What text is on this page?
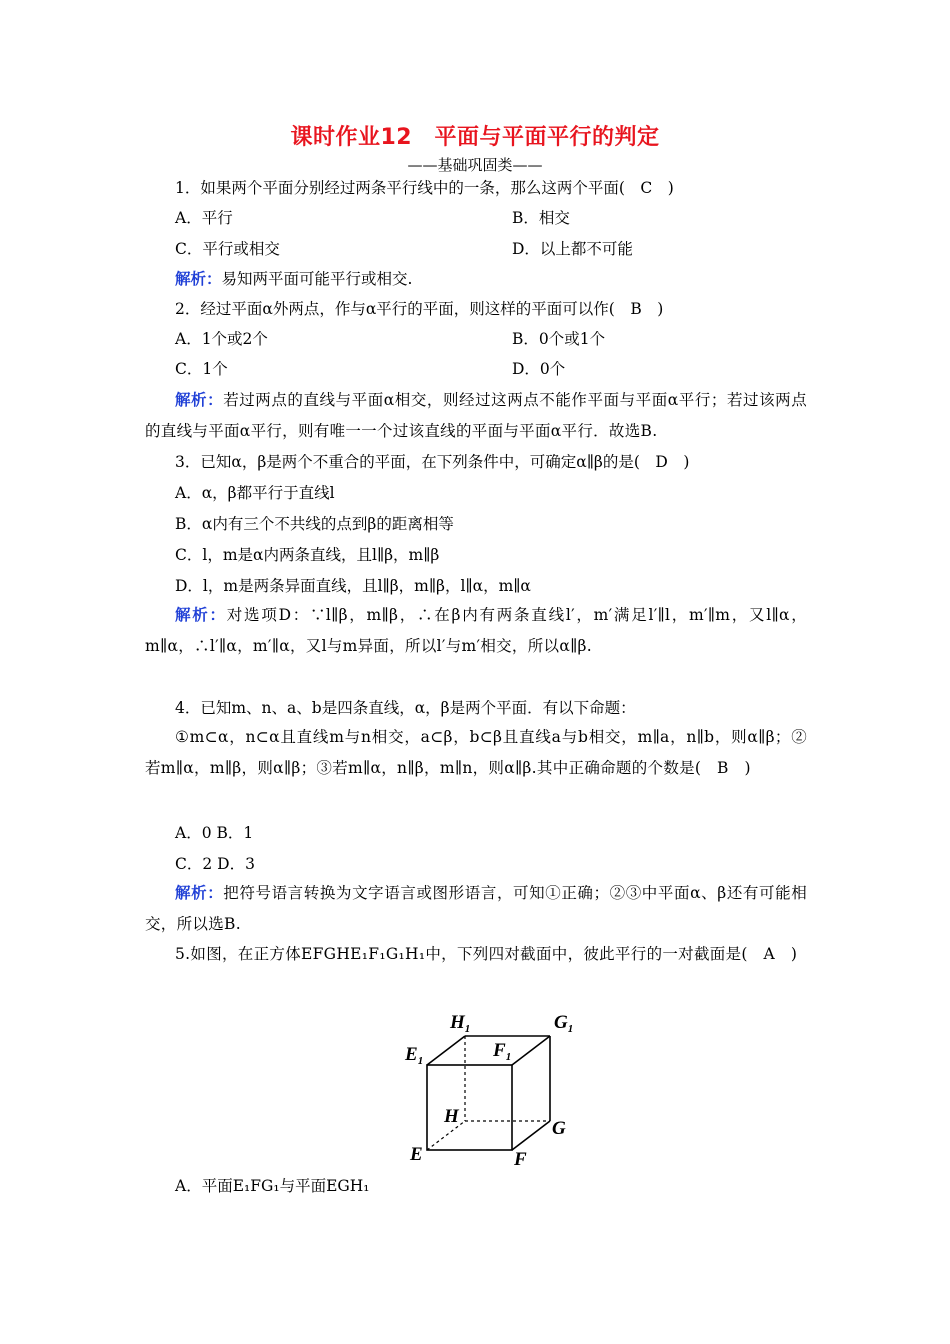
课时作业12　平面与平面平行的判定
——基础巩固类——
1．如果两个平面分别经过两条平行线中的一条，那么这两个平面(　C　)
A．平行	B．相交
C．平行或相交	D．以上都不可能
解析：易知两平面可能平行或相交.
2．经过平面α外两点，作与α平行的平面，则这样的平面可以作(　B　)
A．1个或2个	B．0个或1个
C．1个	D．0个
解析：若过两点的直线与平面α相交，则经过这两点不能作平面与平面α平行；若过该两点的直线与平面α平行，则有唯一一个过该直线的平面与平面α平行．故选B.
3．已知α，β是两个不重合的平面，在下列条件中，可确定α∥β的是(　D　)
A．α，β都平行于直线l
B．α内有三个不共线的点到β的距离相等
C．l，m是α内两条直线，且l∥β，m∥β
D．l，m是两条异面直线，且l∥β，m∥β，l∥α，m∥α
解析：对选项D：∵l∥β，m∥β，∴在β内有两条直线l′，m′满足l′∥l，m′∥m，又l∥α，m∥α，∴l′∥α，m′∥α，又l与m异面，所以l′与m′相交，所以α∥β.
4．已知m、n、a、b是四条直线，α，β是两个平面．有以下命题：
①m⊂α，n⊂α且直线m与n相交，a⊂β，b⊂β且直线a与b相交，m∥a，n∥b，则α∥β；②若m∥α，m∥β，则α∥β；③若m∥α，n∥β，m∥n，则α∥β.其中正确命题的个数是(　B　)
A．0 B．1
C．2 D．3
解析：把符号语言转换为文字语言或图形语言，可知①正确；②③中平面α、β还有可能相交，所以选B.
5.如图，在正方体EFGHE₁F₁G₁H₁中，下列四对截面中，彼此平行的一对截面是(　A　)
$H_1$	$G_1$
$E_1$	$F_1$
H
G
E	F
A．平面E₁FG₁与平面EGH₁
